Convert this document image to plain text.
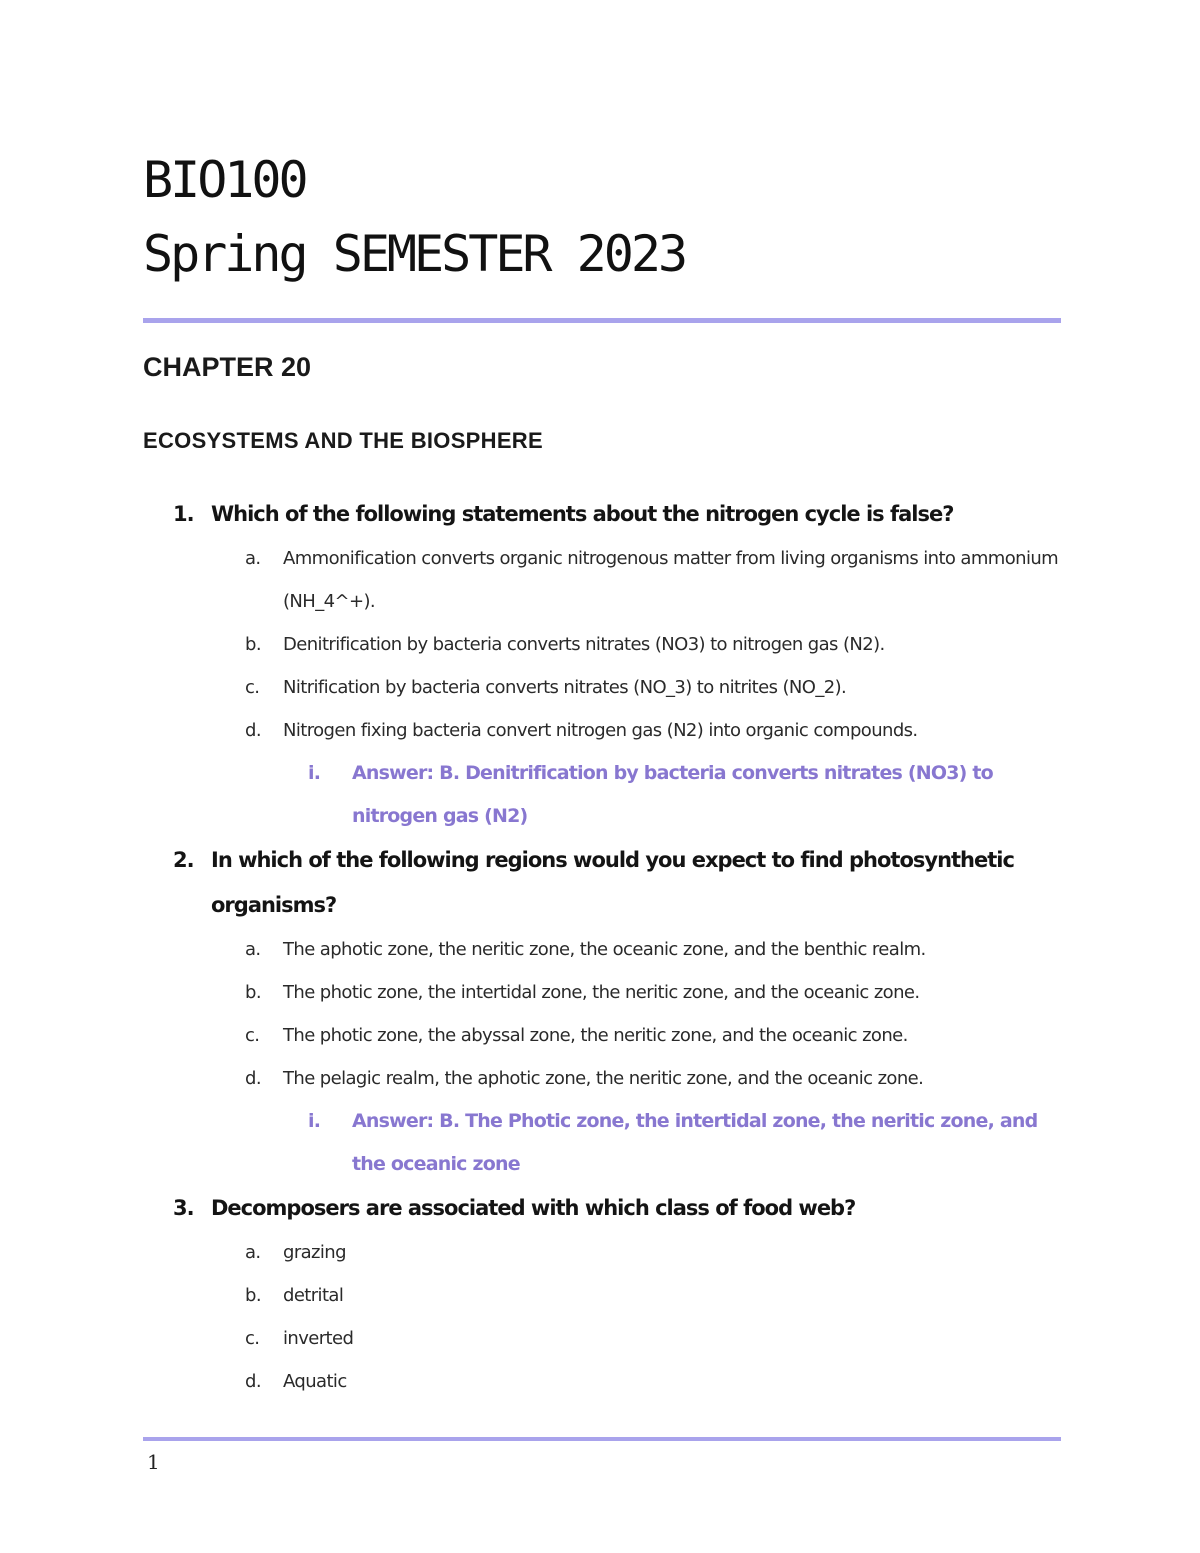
BIO100
Spring SEMESTER 2023
CHAPTER 20
ECOSYSTEMS AND THE BIOSPHERE
1. Which of the following statements about the nitrogen cycle is false?
a. Ammonification converts organic nitrogenous matter from living organisms into ammonium (NH_4^+).
b. Denitrification by bacteria converts nitrates (NO3) to nitrogen gas (N2).
c. Nitrification by bacteria converts nitrates (NO_3) to nitrites (NO_2).
d. Nitrogen fixing bacteria convert nitrogen gas (N2) into organic compounds.
i. Answer: B. Denitrification by bacteria converts nitrates (NO3) to nitrogen gas (N2)
2. In which of the following regions would you expect to find photosynthetic organisms?
a. The aphotic zone, the neritic zone, the oceanic zone, and the benthic realm.
b. The photic zone, the intertidal zone, the neritic zone, and the oceanic zone.
c. The photic zone, the abyssal zone, the neritic zone, and the oceanic zone.
d. The pelagic realm, the aphotic zone, the neritic zone, and the oceanic zone.
i. Answer: B. The Photic zone, the intertidal zone, the neritic zone, and the oceanic zone
3. Decomposers are associated with which class of food web?
a. grazing
b. detrital
c. inverted
d. Aquatic
1
